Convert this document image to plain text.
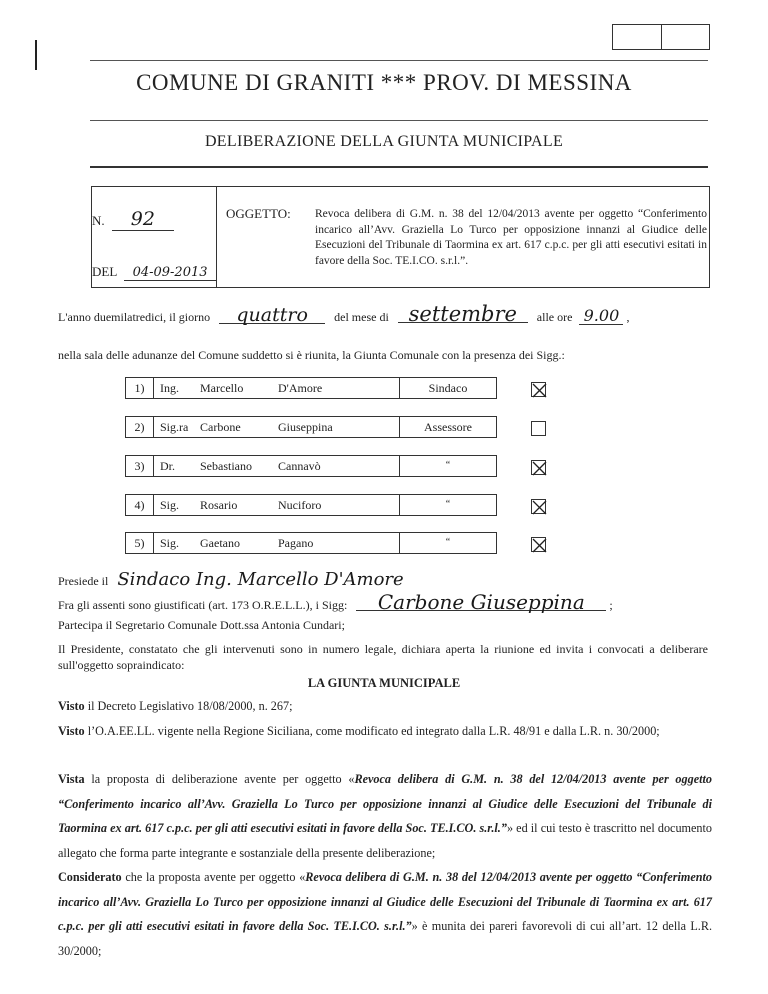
COMUNE DI GRANITI *** PROV. DI MESSINA
DELIBERAZIONE DELLA GIUNTA MUNICIPALE
N. 92
DEL 04-09-2013
OGGETTO: Revoca delibera di G.M. n. 38 del 12/04/2013 avente per oggetto “Conferimento incarico all’Avv. Graziella Lo Turco per opposizione innanzi al Giudice delle Esecuzioni del Tribunale di Taormina ex art. 617 c.p.c. per gli atti esecutivi esitati in favore della Soc. TE.I.CO. s.r.l.”.
L'anno duemilatredici, il giorno quattro del mese di settembre alle ore 9.00 ,
nella sala delle adunanze del Comune suddetto si è riunita, la Giunta Comunale con la presenza dei Sigg.:
1)	Ing. Marcello	D'Amore	Sindaco
2)	Sig.ra Carbone	Giuseppina	Assessore
3)	Dr. Sebastiano Cannavò	“
4)	Sig. Rosario	Nuciforo	“
5)	Sig. Gaetano	Pagano	“
Presiede il Sindaco Ing. Marcello D'Amore
Fra gli assenti sono giustificati (art. 173 O.R.E.L.L.), i Sigg: Carbone Giuseppina ;
Partecipa il Segretario Comunale Dott.ssa Antonia Cundari;
Il Presidente, constatato che gli intervenuti sono in numero legale, dichiara aperta la riunione ed invita i convocati a deliberare sull'oggetto sopraindicato:
LA GIUNTA MUNICIPALE
Visto il Decreto Legislativo 18/08/2000, n. 267;
Visto l’O.A.EE.LL. vigente nella Regione Siciliana, come modificato ed integrato dalla L.R. 48/91 e dalla L.R. n. 30/2000;
Vista la proposta di deliberazione avente per oggetto «Revoca delibera di G.M. n. 38 del 12/04/2013 avente per oggetto “Conferimento incarico all’Avv. Graziella Lo Turco per opposizione innanzi al Giudice delle Esecuzioni del Tribunale di Taormina ex art. 617 c.p.c. per gli atti esecutivi esitati in favore della Soc. TE.I.CO. s.r.l.”» ed il cui testo è trascritto nel documento allegato che forma parte integrante e sostanziale della presente deliberazione;
Considerato che la proposta avente per oggetto «Revoca delibera di G.M. n. 38 del 12/04/2013 avente per oggetto “Conferimento incarico all’Avv. Graziella Lo Turco per opposizione innanzi al Giudice delle Esecuzioni del Tribunale di Taormina ex art. 617 c.p.c. per gli atti esecutivi esitati in favore della Soc. TE.I.CO. s.r.l.”» è munita dei pareri favorevoli di cui all’art. 12 della L.R. 30/2000;
